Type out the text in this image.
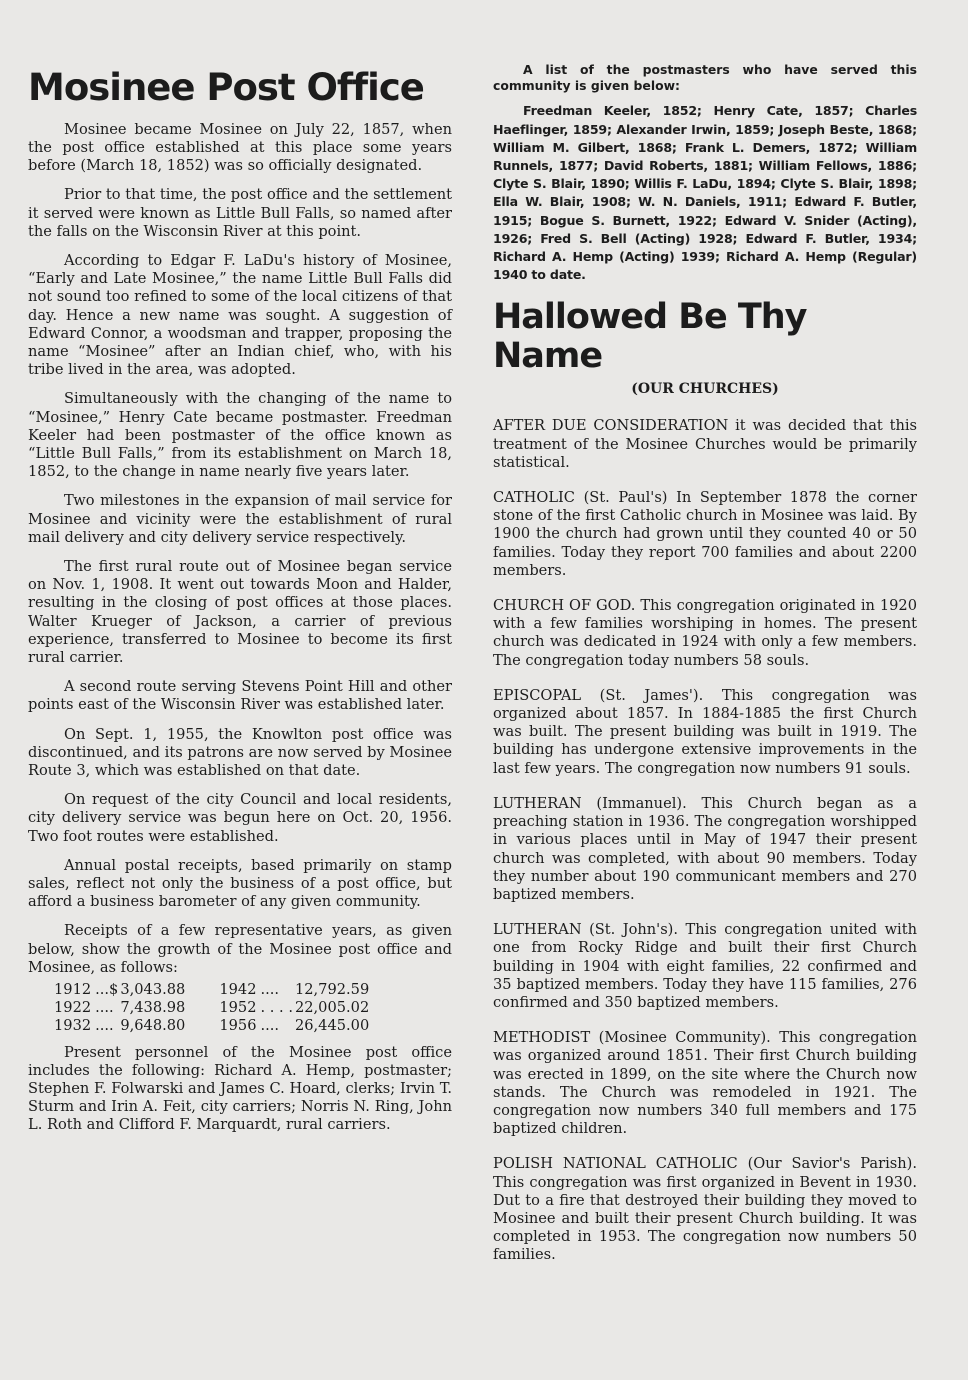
Mosinee Post Office

Mosinee became Mosinee on July 22, 1857, when the post office established at this place some years before (March 18, 1852) was so officially designated.

Prior to that time, the post office and the settlement it served were known as Little Bull Falls, so named after the falls on the Wisconsin River at this point.

According to Edgar F. LaDu's history of Mosinee, “Early and Late Mosinee,” the name Little Bull Falls did not sound too refined to some of the local citizens of that day. Hence a new name was sought. A suggestion of Edward Connor, a woodsman and trapper, proposing the name “Mosinee” after an Indian chief, who, with his tribe lived in the area, was adopted.

Simultaneously with the changing of the name to “Mosinee,” Henry Cate became postmaster. Freedman Keeler had been postmaster of the office known as “Little Bull Falls,” from its establishment on March 18, 1852, to the change in name nearly five years later.

Two milestones in the expansion of mail service for Mosinee and vicinity were the establishment of rural mail delivery and city delivery service respectively.

The first rural route out of Mosinee began service on Nov. 1, 1908. It went out towards Moon and Halder, resulting in the closing of post offices at those places. Walter Krueger of Jackson, a carrier of previous experience, transferred to Mosinee to become its first rural carrier.

A second route serving Stevens Point Hill and other points east of the Wisconsin River was established later.

On Sept. 1, 1955, the Knowlton post office was discontinued, and its patrons are now served by Mosinee Route 3, which was established on that date.

On request of the city Council and local residents, city delivery service was begun here on Oct. 20, 1956. Two foot routes were established.

Annual postal receipts, based primarily on stamp sales, reflect not only the business of a post office, but afford a business barometer of any given community.

Receipts of a few representative years, as given below, show the growth of the Mosinee post office and Mosinee, as follows:

1912	...$	3,043.88	1942	....	12,792.59
1922	....	7,438.98	1952	. . . .	22,005.02
1932	....	9,648.80	1956	....	26,445.00

Present personnel of the Mosinee post office includes the following: Richard A. Hemp, postmaster; Stephen F. Folwarski and James C. Hoard, clerks; Irvin T. Sturm and Irin A. Feit, city carriers; Norris N. Ring, John L. Roth and Clifford F. Marquardt, rural carriers.

A list of the postmasters who have served this community is given below:

Freedman Keeler, 1852; Henry Cate, 1857; Charles Haeflinger, 1859; Alexander Irwin, 1859; Joseph Beste, 1868; William M. Gilbert, 1868; Frank L. Demers, 1872; William Runnels, 1877; David Roberts, 1881; William Fellows, 1886; Clyte S. Blair, 1890; Willis F. LaDu, 1894; Clyte S. Blair, 1898; Ella W. Blair, 1908; W. N. Daniels, 1911; Edward F. Butler, 1915; Bogue S. Burnett, 1922; Edward V. Snider (Acting), 1926; Fred S. Bell (Acting) 1928; Edward F. Butler, 1934; Richard A. Hemp (Acting) 1939; Richard A. Hemp (Regular) 1940 to date.

Hallowed Be Thy Name
(OUR CHURCHES)

AFTER DUE CONSIDERATION it was decided that this treatment of the Mosinee Churches would be primarily statistical.

CATHOLIC (St. Paul's) In September 1878 the corner stone of the first Catholic church in Mosinee was laid. By 1900 the church had grown until they counted 40 or 50 families. Today they report 700 families and about 2200 members.

CHURCH OF GOD. This congregation originated in 1920 with a few families worshiping in homes. The present church was dedicated in 1924 with only a few members. The congregation today numbers 58 souls.

EPISCOPAL (St. James'). This congregation was organized about 1857. In 1884-1885 the first Church was built. The present building was built in 1919. The building has undergone extensive improvements in the last few years. The congregation now numbers 91 souls.

LUTHERAN (Immanuel). This Church began as a preaching station in 1936. The congregation worshipped in various places until in May of 1947 their present church was completed, with about 90 members. Today they number about 190 communicant members and 270 baptized members.

LUTHERAN (St. John's). This congregation united with one from Rocky Ridge and built their first Church building in 1904 with eight families, 22 confirmed and 35 baptized members. Today they have 115 families, 276 confirmed and 350 baptized members.

METHODIST (Mosinee Community). This congregation was organized around 1851. Their first Church building was erected in 1899, on the site where the Church now stands. The Church was remodeled in 1921. The congregation now numbers 340 full members and 175 baptized children.

POLISH NATIONAL CATHOLIC (Our Savior's Parish). This congregation was first organized in Bevent in 1930. Dut to a fire that destroyed their building they moved to Mosinee and built their present Church building. It was completed in 1953. The congregation now numbers 50 families.
